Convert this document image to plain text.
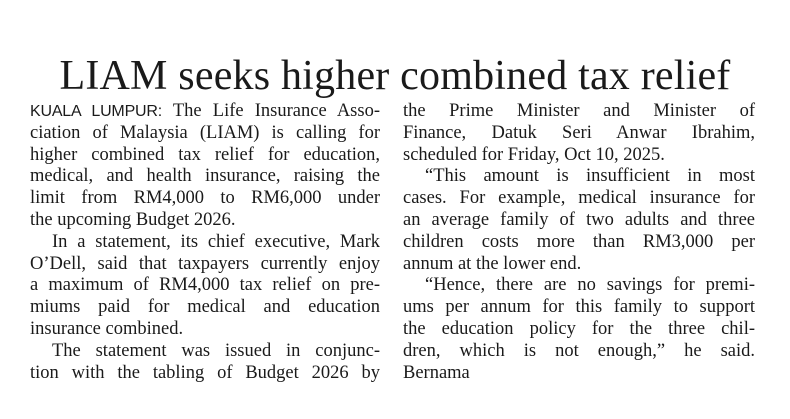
LIAM seeks higher combined tax relief
KUALA LUMPUR: The Life Insurance Asso-
ciation of Malaysia (LIAM) is calling for
higher combined tax relief for education,
medical, and health insurance, raising the
limit from RM4,000 to RM6,000 under
the upcoming Budget 2026.
In a statement, its chief executive, Mark
O’Dell, said that taxpayers currently enjoy
a maximum of RM4,000 tax relief on pre-
miums paid for medical and education
insurance combined.
The statement was issued in conjunc-
tion with the tabling of Budget 2026 by
the Prime Minister and Minister of
Finance, Datuk Seri Anwar Ibrahim,
scheduled for Friday, Oct 10, 2025.
“This amount is insufficient in most
cases. For example, medical insurance for
an average family of two adults and three
children costs more than RM3,000 per
annum at the lower end.
“Hence, there are no savings for premi-
ums per annum for this family to support
the education policy for the three chil-
dren, which is not enough,” he said.
Bernama
